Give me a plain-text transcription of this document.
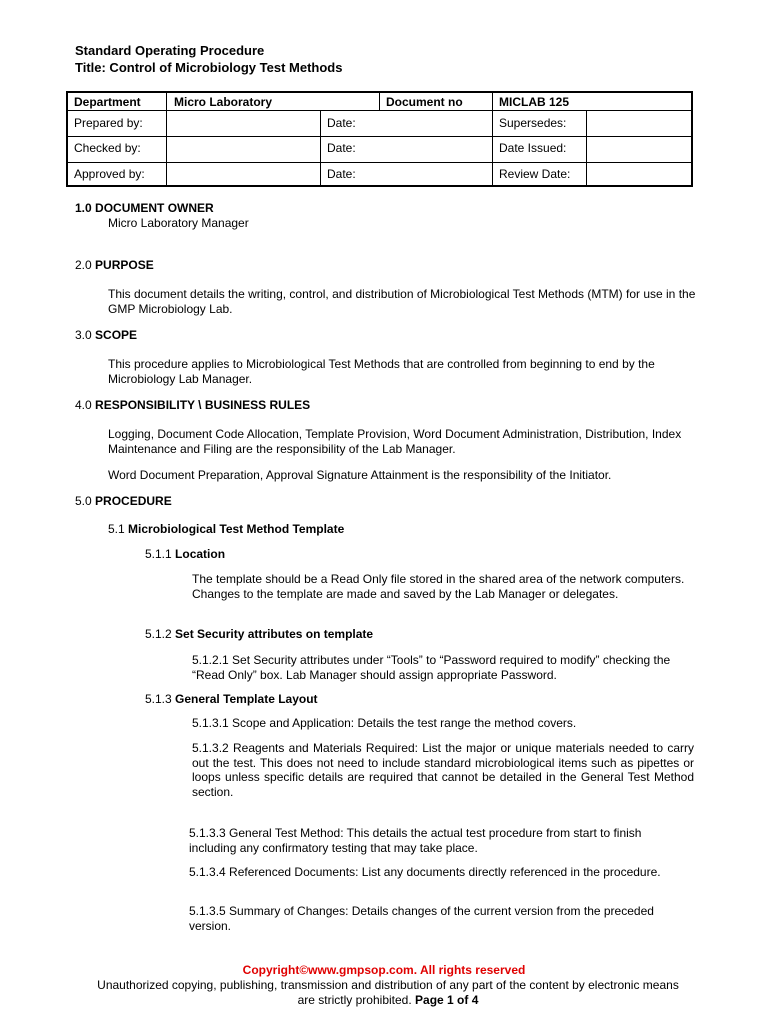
Standard Operating Procedure
Title: Control of Microbiology Test Methods
Department	Micro Laboratory	Document no	MICLAB 125
Prepared by:	Date:	Supersedes:
Checked by:	Date:	Date Issued:
Approved by:	Date:	Review Date:
1.0 DOCUMENT OWNER
Micro Laboratory Manager
2.0 PURPOSE
This document details the writing, control, and distribution of Microbiological Test Methods (MTM) for use in the GMP Microbiology Lab.
3.0 SCOPE
This procedure applies to Microbiological Test Methods that are controlled from beginning to end by the Microbiology Lab Manager.
4.0 RESPONSIBILITY \ BUSINESS RULES
Logging, Document Code Allocation, Template Provision, Word Document Administration, Distribution, Index Maintenance and Filing are the responsibility of the Lab Manager.
Word Document Preparation, Approval Signature Attainment is the responsibility of the Initiator.
5.0 PROCEDURE
5.1 Microbiological Test Method Template
5.1.1 Location
The template should be a Read Only file stored in the shared area of the network computers. Changes to the template are made and saved by the Lab Manager or delegates.
5.1.2 Set Security attributes on template
5.1.2.1 Set Security attributes under “Tools” to “Password required to modify” checking the “Read Only” box. Lab Manager should assign appropriate Password.
5.1.3 General Template Layout
5.1.3.1 Scope and Application: Details the test range the method covers.
5.1.3.2 Reagents and Materials Required: List the major or unique materials needed to carry out the test. This does not need to include standard microbiological items such as pipettes or loops unless specific details are required that cannot be detailed in the General Test Method section.
5.1.3.3 General Test Method: This details the actual test procedure from start to finish including any confirmatory testing that may take place.
5.1.3.4 Referenced Documents: List any documents directly referenced in the procedure.
5.1.3.5 Summary of Changes: Details changes of the current version from the preceded version.
Copyright©www.gmpsop.com. All rights reserved
Unauthorized copying, publishing, transmission and distribution of any part of the content by electronic means are strictly prohibited. Page 1 of 4
